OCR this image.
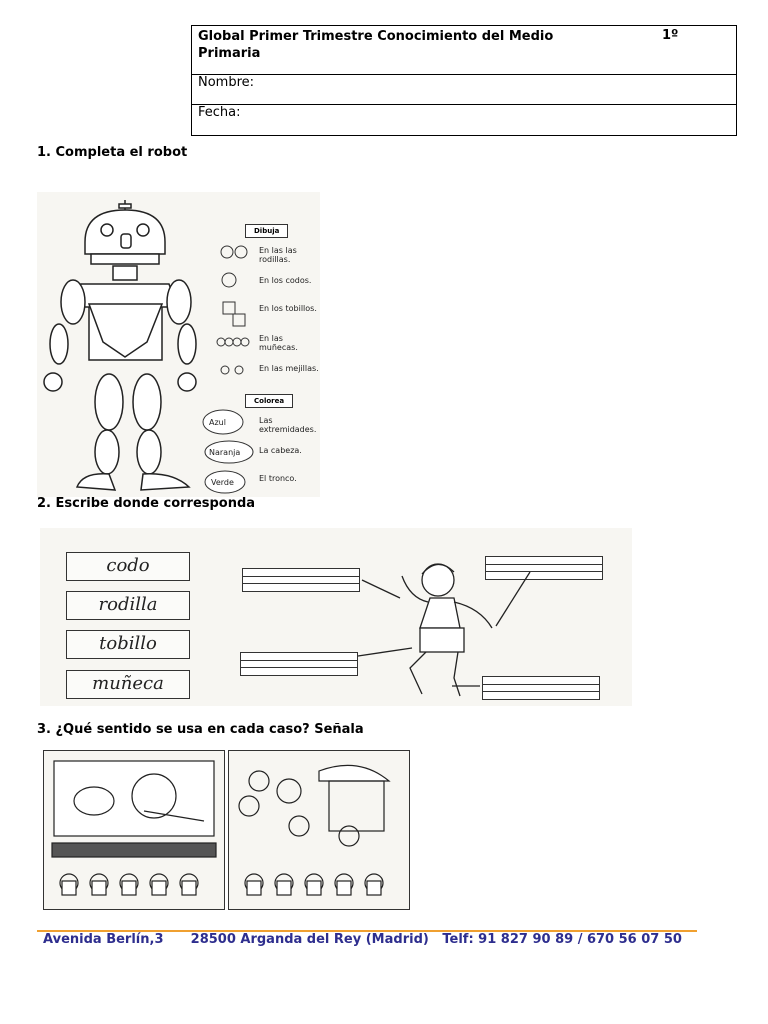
Global Primer Trimestre Conocimiento del Medio Primaria
1º
Nombre:
Fecha:
1. Completa el robot
Dibuja
En las las rodillas.
En los codos.
En los tobillos.
En las muñecas.
En las mejillas.
Colorea
Azul
Naranja
Verde
Las extremidades.
La cabeza.
El tronco.
2. Escribe donde corresponda
codo
rodilla
tobillo
muñeca
3. ¿Qué sentido se usa en cada caso? Señala
Avenida Berlín,3      28500 Arganda del Rey (Madrid)   Telf: 91 827 90 89 / 670 56 07 50
